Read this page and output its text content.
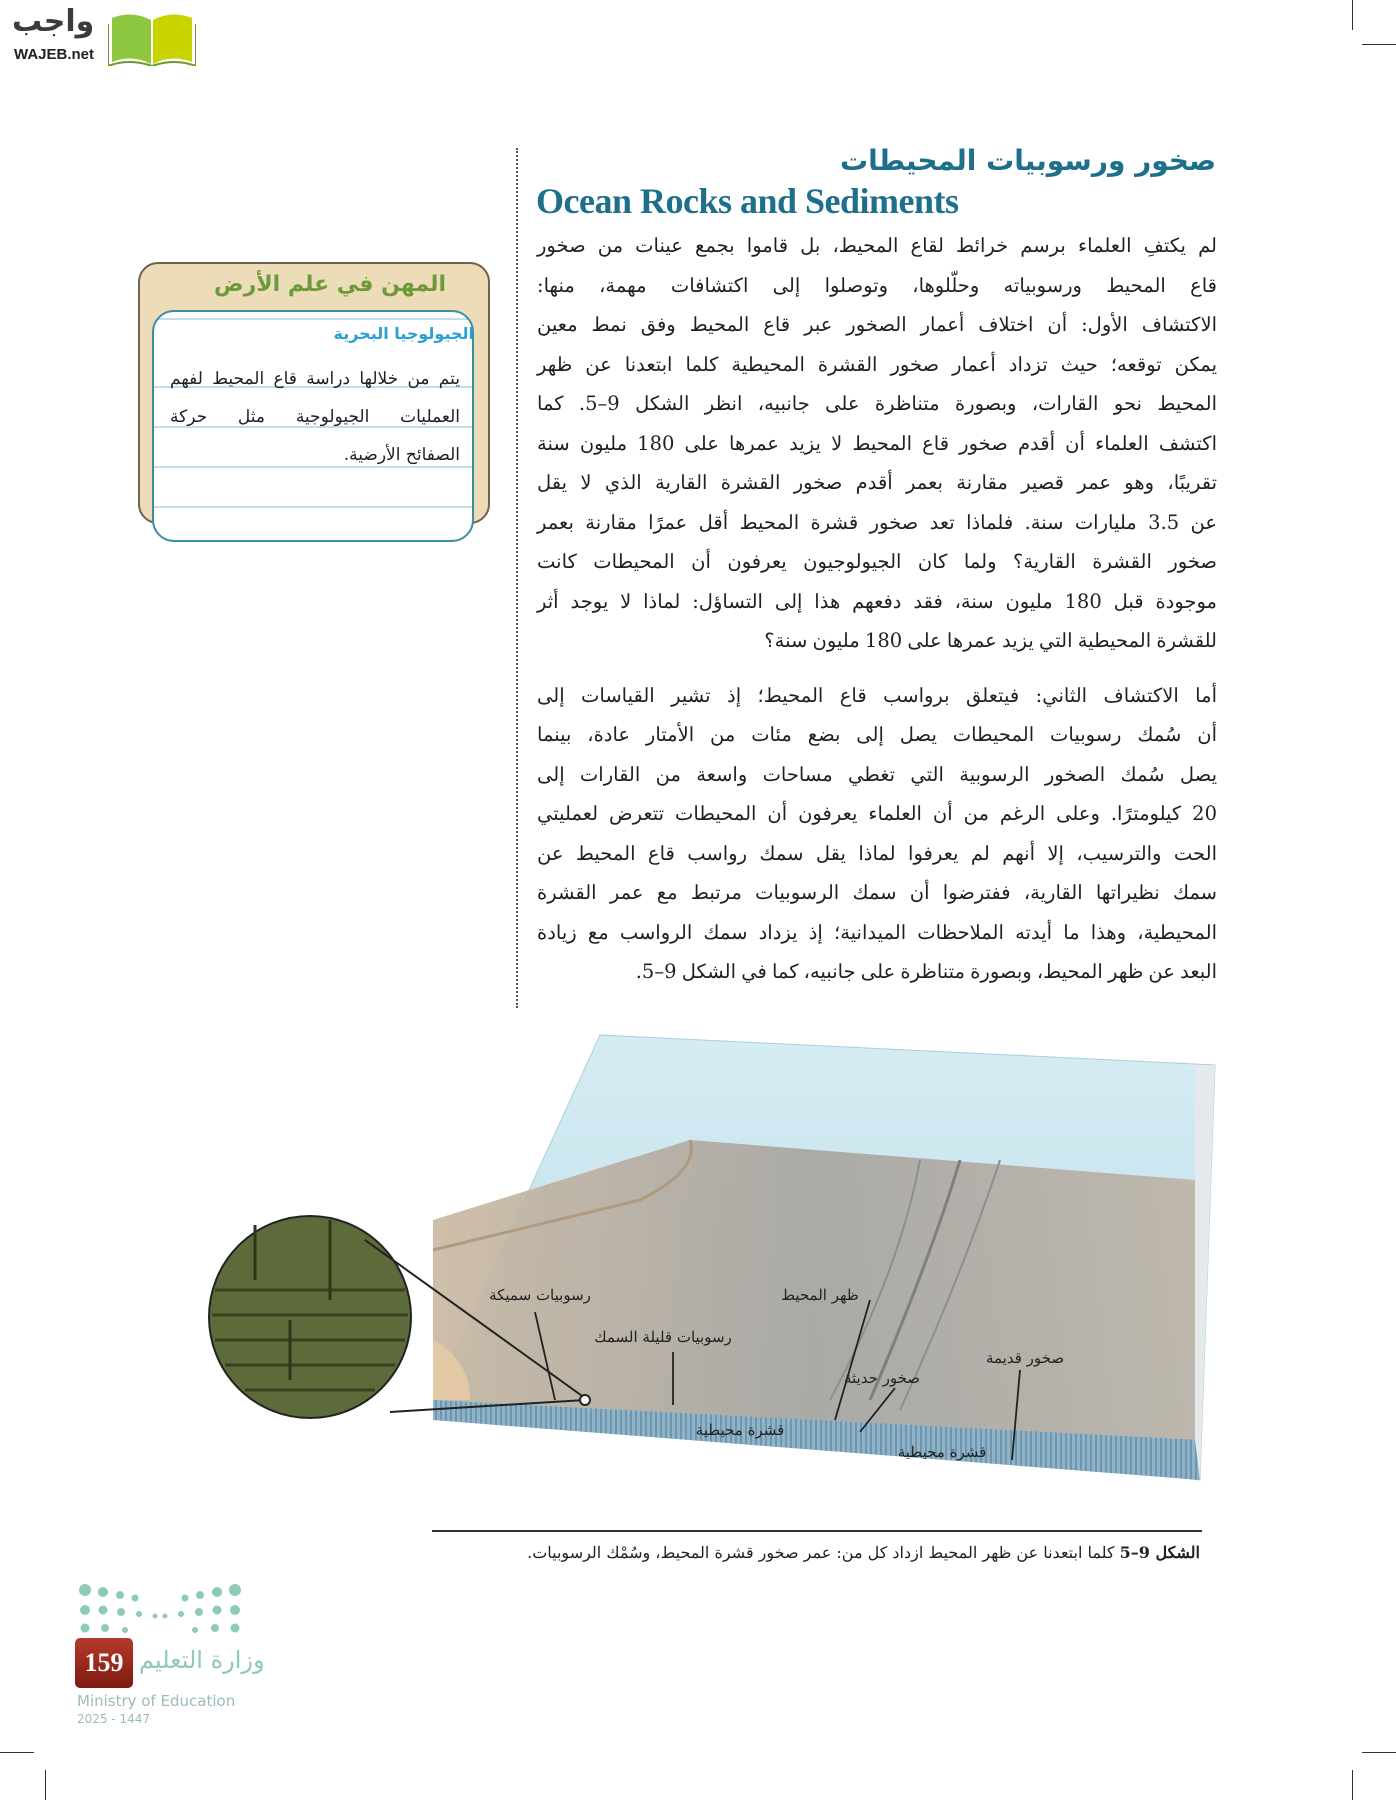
واجب
WAJEB.net
صخور ورسوبيات المحيطات
Ocean Rocks and Sediments
لم يكتفِ العلماء برسم خرائط لقاع المحيط، بل قاموا بجمع عينات من صخور
قاع المحيط ورسوبياته وحلّلوها، وتوصلوا إلى اكتشافات مهمة، منها:
الاكتشاف الأول: أن اختلاف أعمار الصخور عبر قاع المحيط وفق نمط معين
يمكن توقعه؛ حيث تزداد أعمار صخور القشرة المحيطية كلما ابتعدنا عن ظهر
المحيط نحو القارات، وبصورة متناظرة على جانبيه، انظر الشكل 9–5. كما
اكتشف العلماء أن أقدم صخور قاع المحيط لا يزيد عمرها على 180 مليون سنة
تقريبًا، وهو عمر قصير مقارنة بعمر أقدم صخور القشرة القارية الذي لا يقل
عن 3.5 مليارات سنة. فلماذا تعد صخور قشرة المحيط أقل عمرًا مقارنة بعمر
صخور القشرة القارية؟ ولما كان الجيولوجيون يعرفون أن المحيطات كانت
موجودة قبل 180 مليون سنة، فقد دفعهم هذا إلى التساؤل: لماذا لا يوجد أثر
للقشرة المحيطية التي يزيد عمرها على 180 مليون سنة؟
أما الاكتشاف الثاني: فيتعلق برواسب قاع المحيط؛ إذ تشير القياسات إلى
أن سُمك رسوبيات المحيطات يصل إلى بضع مئات من الأمتار عادة، بينما
يصل سُمك الصخور الرسوبية التي تغطي مساحات واسعة من القارات إلى
20 كيلومترًا. وعلى الرغم من أن العلماء يعرفون أن المحيطات تتعرض لعمليتي
الحت والترسيب، إلا أنهم لم يعرفوا لماذا يقل سمك رواسب قاع المحيط عن
سمك نظيراتها القارية، ففترضوا أن سمك الرسوبيات مرتبط مع عمر القشرة
المحيطية، وهذا ما أيدته الملاحظات الميدانية؛ إذ يزداد سمك الرواسب مع زيادة
البعد عن ظهر المحيط، وبصورة متناظرة على جانبيه، كما في الشكل 9–5.
المهن في علم الأرض
الجيولوجيا البحرية
يتم من خلالها دراسة قاع المحيط لفهم
العمليات الجيولوجية مثل حركة
الصفائح الأرضية.
رسوبيات سميكة	ظهر المحيط
رسوبيات قليلة السمك
صخور قديمة
صخور حديثة
قشرة محيطية
قشرة محيطية
الشكل 9–5 كلما ابتعدنا عن ظهر المحيط ازداد كل من: عمر صخور قشرة المحيط، وسُمْك الرسوبيات.
159 وزارة التعليم
Ministry of Education
2025 - 1447
